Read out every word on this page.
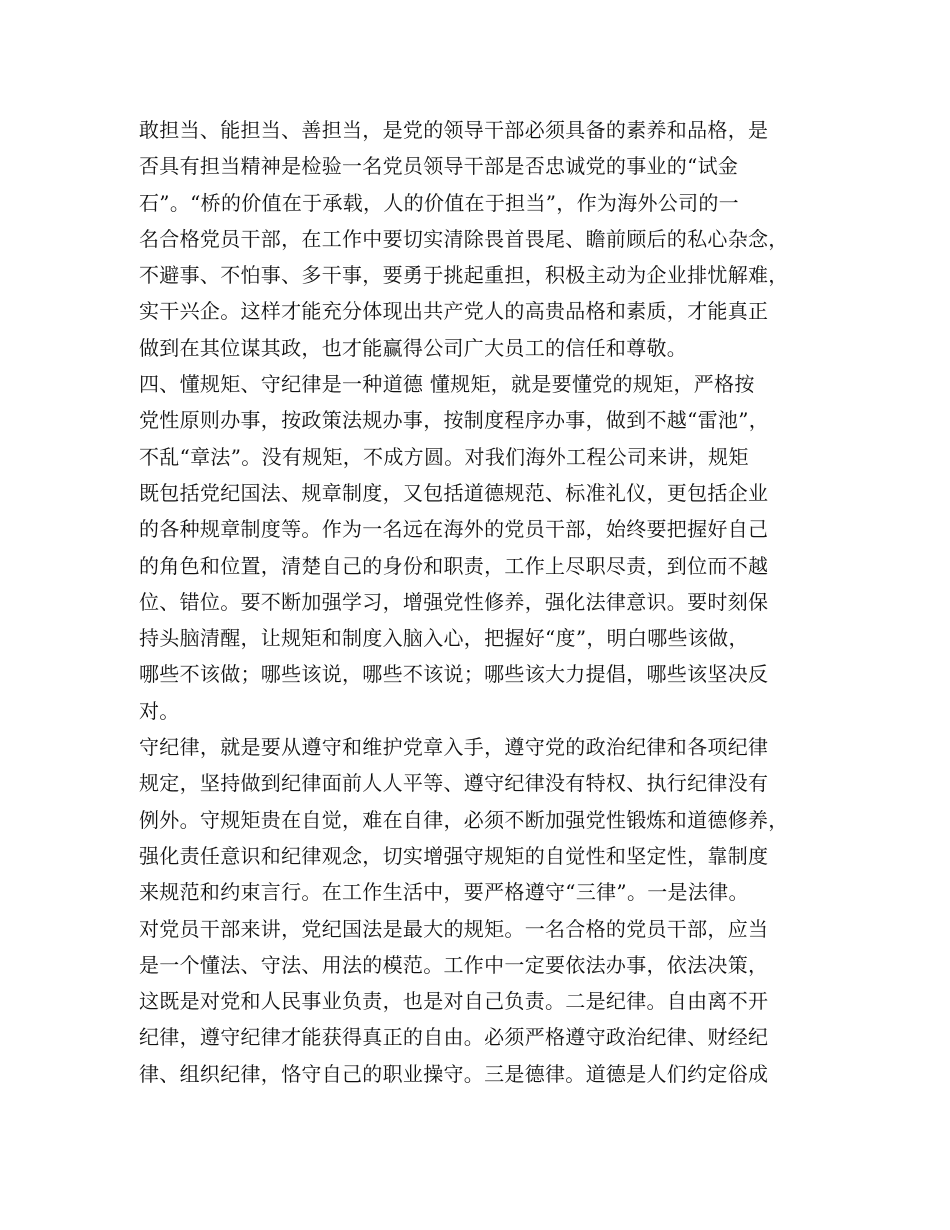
敢担当、能担当、善担当，是党的领导干部必须具备的素养和品格，是
否具有担当精神是检验一名党员领导干部是否忠诚党的事业的“试金
石”。“桥的价值在于承载，人的价值在于担当”，作为海外公司的一
名合格党员干部，在工作中要切实清除畏首畏尾、瞻前顾后的私心杂念，
不避事、不怕事、多干事，要勇于挑起重担，积极主动为企业排忧解难，
实干兴企。这样才能充分体现出共产党人的高贵品格和素质，才能真正
做到在其位谋其政，也才能赢得公司广大员工的信任和尊敬。
四、懂规矩、守纪律是一种道德 懂规矩，就是要懂党的规矩，严格按
党性原则办事，按政策法规办事，按制度程序办事，做到不越“雷池”，
不乱“章法”。没有规矩，不成方圆。对我们海外工程公司来讲，规矩
既包括党纪国法、规章制度，又包括道德规范、标准礼仪，更包括企业
的各种规章制度等。作为一名远在海外的党员干部，始终要把握好自己
的角色和位置，清楚自己的身份和职责，工作上尽职尽责，到位而不越
位、错位。要不断加强学习，增强党性修养，强化法律意识。要时刻保
持头脑清醒，让规矩和制度入脑入心，把握好“度”，明白哪些该做，
哪些不该做；哪些该说，哪些不该说；哪些该大力提倡，哪些该坚决反
对。
守纪律，就是要从遵守和维护党章入手，遵守党的政治纪律和各项纪律
规定，坚持做到纪律面前人人平等、遵守纪律没有特权、执行纪律没有
例外。守规矩贵在自觉，难在自律，必须不断加强党性锻炼和道德修养，
强化责任意识和纪律观念，切实增强守规矩的自觉性和坚定性，靠制度
来规范和约束言行。在工作生活中，要严格遵守“三律”。一是法律。
对党员干部来讲，党纪国法是最大的规矩。一名合格的党员干部，应当
是一个懂法、守法、用法的模范。工作中一定要依法办事，依法决策，
这既是对党和人民事业负责，也是对自己负责。二是纪律。自由离不开
纪律，遵守纪律才能获得真正的自由。必须严格遵守政治纪律、财经纪
律、组织纪律，恪守自己的职业操守。三是德律。道德是人们约定俗成
